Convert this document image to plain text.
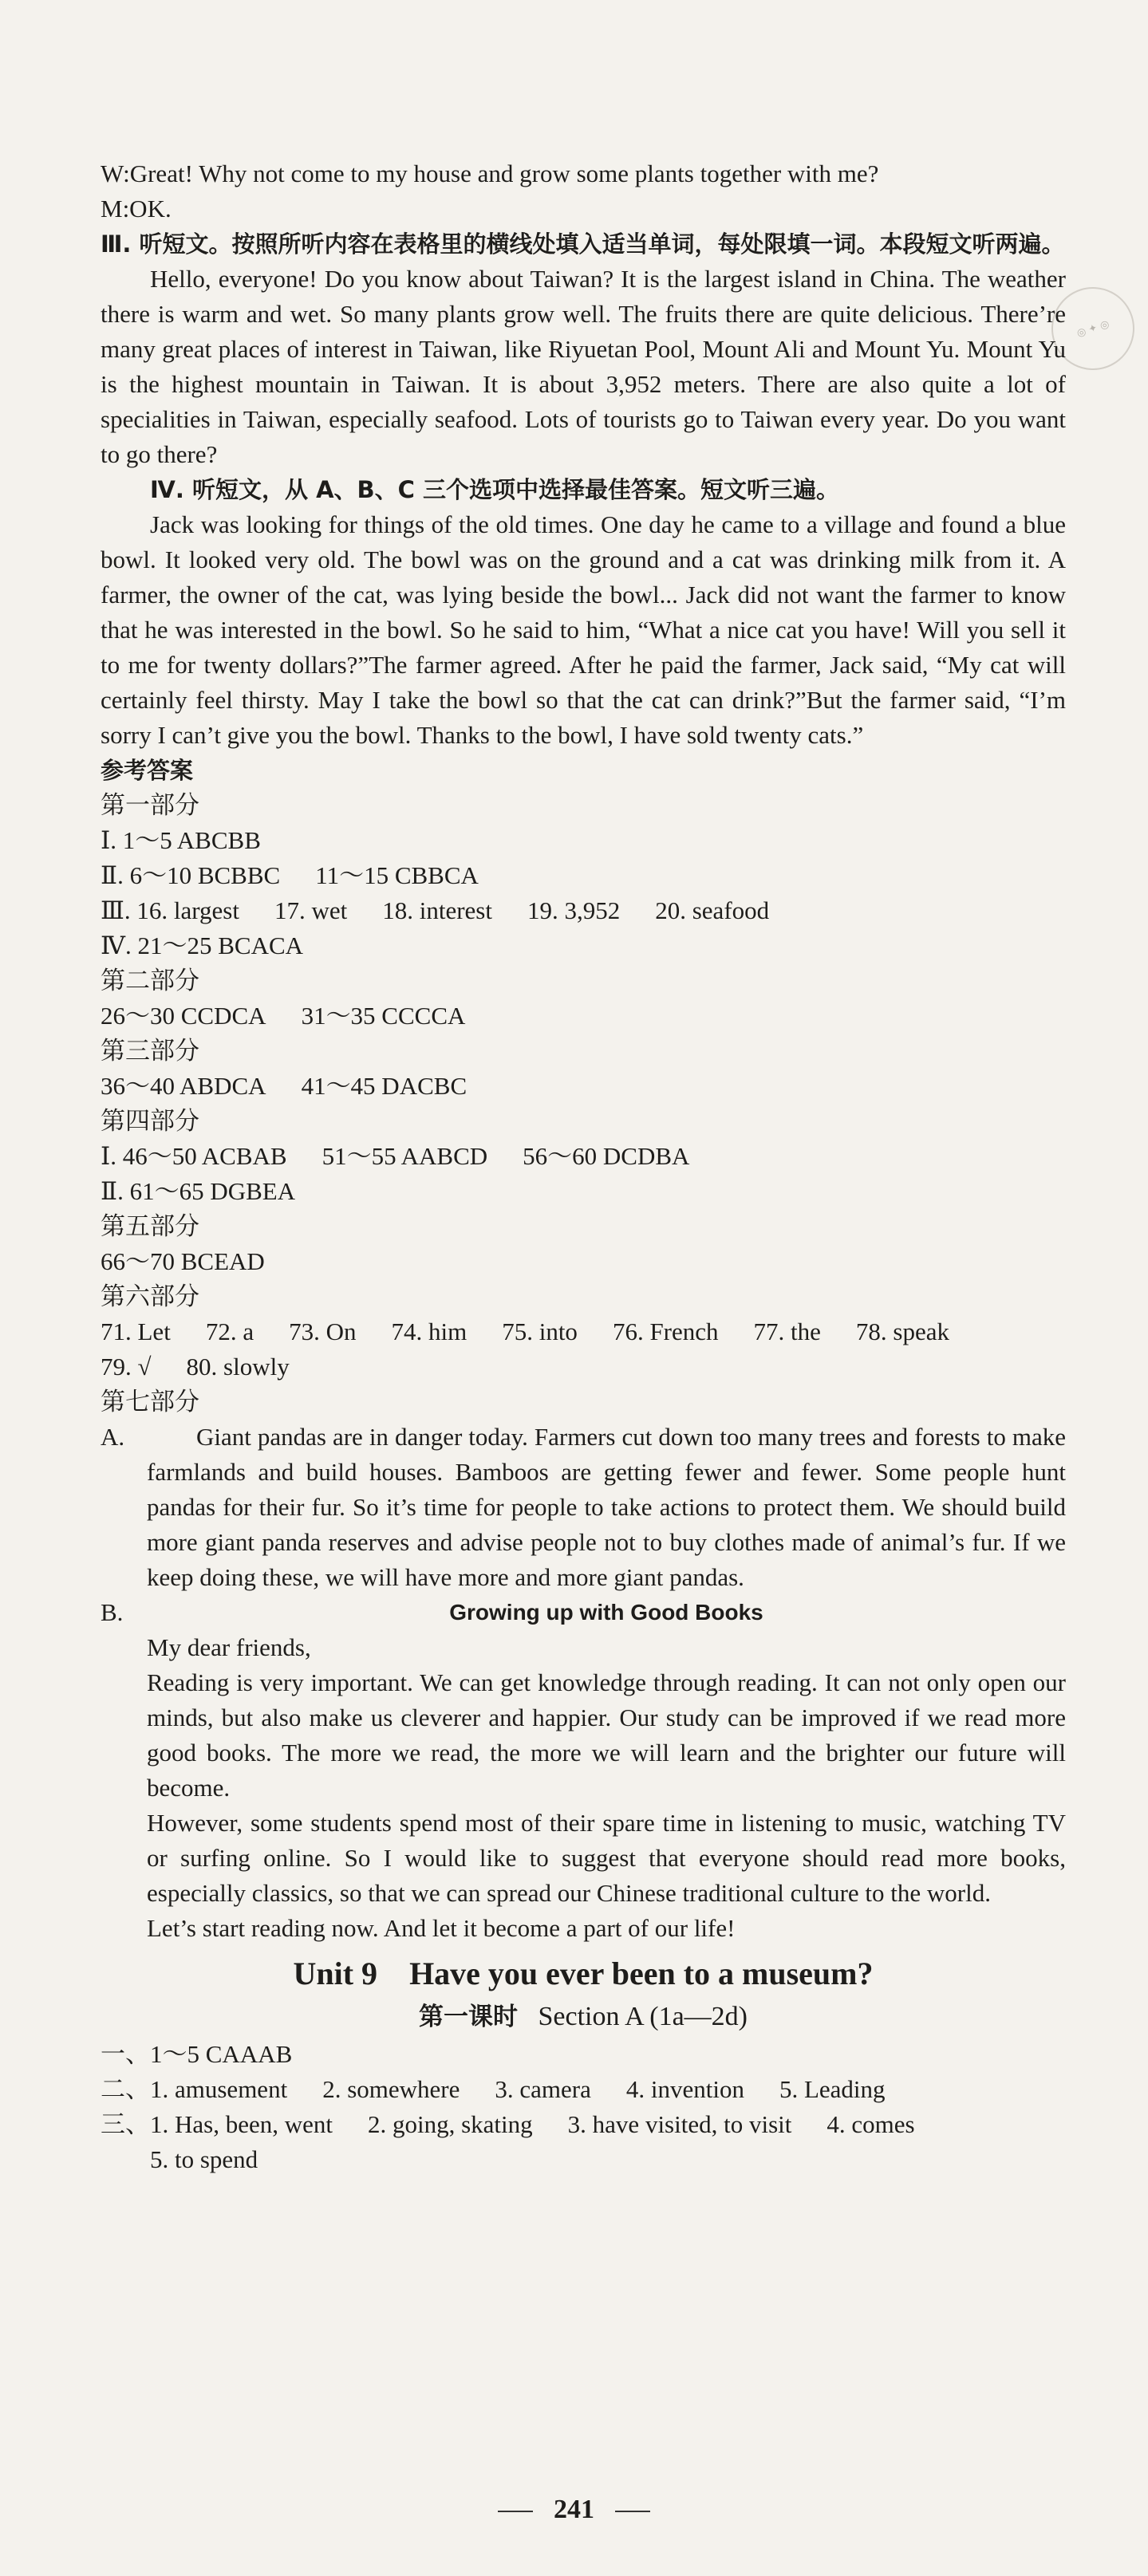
◎ ✦ ◎

W:Great! Why not come to my house and grow some plants together with me?

M:OK.

Ⅲ. 听短文。按照所听内容在表格里的横线处填入适当单词，每处限填一词。本段短文听两遍。

Hello, everyone! Do you know about Taiwan? It is the largest island in China. The weather there is warm and wet. So many plants grow well. The fruits there are quite delicious. There’re many great places of interest in Taiwan, like Riyuetan Pool, Mount Ali and Mount Yu. Mount Yu is the highest mountain in Taiwan. It is about 3,952 meters. There are also quite a lot of specialities in Taiwan, especially seafood. Lots of tourists go to Taiwan every year. Do you want to go there?

Ⅳ. 听短文，从 A、B、C 三个选项中选择最佳答案。短文听三遍。

Jack was looking for things of the old times. One day he came to a village and found a blue bowl. It looked very old. The bowl was on the ground and a cat was drinking milk from it. A farmer, the owner of the cat, was lying beside the bowl... Jack did not want the farmer to know that he was interested in the bowl. So he said to him, “What a nice cat you have! Will you sell it to me for twenty dollars?”The farmer agreed. After he paid the farmer, Jack said, “My cat will certainly feel thirsty. May I take the bowl so that the cat can drink?”But the farmer said, “I’m sorry I can’t give you the bowl. Thanks to the bowl, I have sold twenty cats.”

参考答案

第一部分

Ⅰ. 1～5 ABCBB
Ⅱ. 6～10 BCBBC 11～15 CBBCA
Ⅲ. 16. largest 17. wet 18. interest 19. 3,952 20. seafood
Ⅳ. 21～25 BCACA

第二部分

26～30 CCDCA 31～35 CCCCA

第三部分

36～40 ABDCA 41～45 DACBC

第四部分

Ⅰ. 46～50 ACBAB 51～55 AABCD 56～60 DCDBA
Ⅱ. 61～65 DGBEA

第五部分

66～70 BCEAD

第六部分

71. Let 72. a 73. On 74. him 75. into 76. French 77. the 78. speak
79. √ 80. slowly

第七部分

A.	Giant pandas are in danger today. Farmers cut down too many trees and forests to make farmlands and build houses. Bamboos are getting fewer and fewer. Some people hunt pandas for their fur. So it’s time for people to take actions to protect them. We should build more giant panda reserves and advise people not to buy clothes made of animal’s fur. If we keep doing these, we will have more and more giant pandas.

B.	Growing up with Good Books

My dear friends,

Reading is very important. We can get knowledge through reading. It can not only open our minds, but also make us cleverer and happier. Our study can be improved if we read more good books. The more we read, the more we will learn and the brighter our future will become.

However, some students spend most of their spare time in listening to music, watching TV or surfing online. So I would like to suggest that everyone should read more books, especially classics, so that we can spread our Chinese traditional culture to the world.

Let’s start reading now. And let it become a part of our life!

Unit 9 Have you ever been to a museum?
第一课时 Section A (1a—2d)
一、1～5 CAAAB
二、1. amusement 2. somewhere 3. camera 4. invention 5. Leading
三、1. Has, been, went 2. going, skating 3. have visited, to visit 4. comes
5. to spend
241
